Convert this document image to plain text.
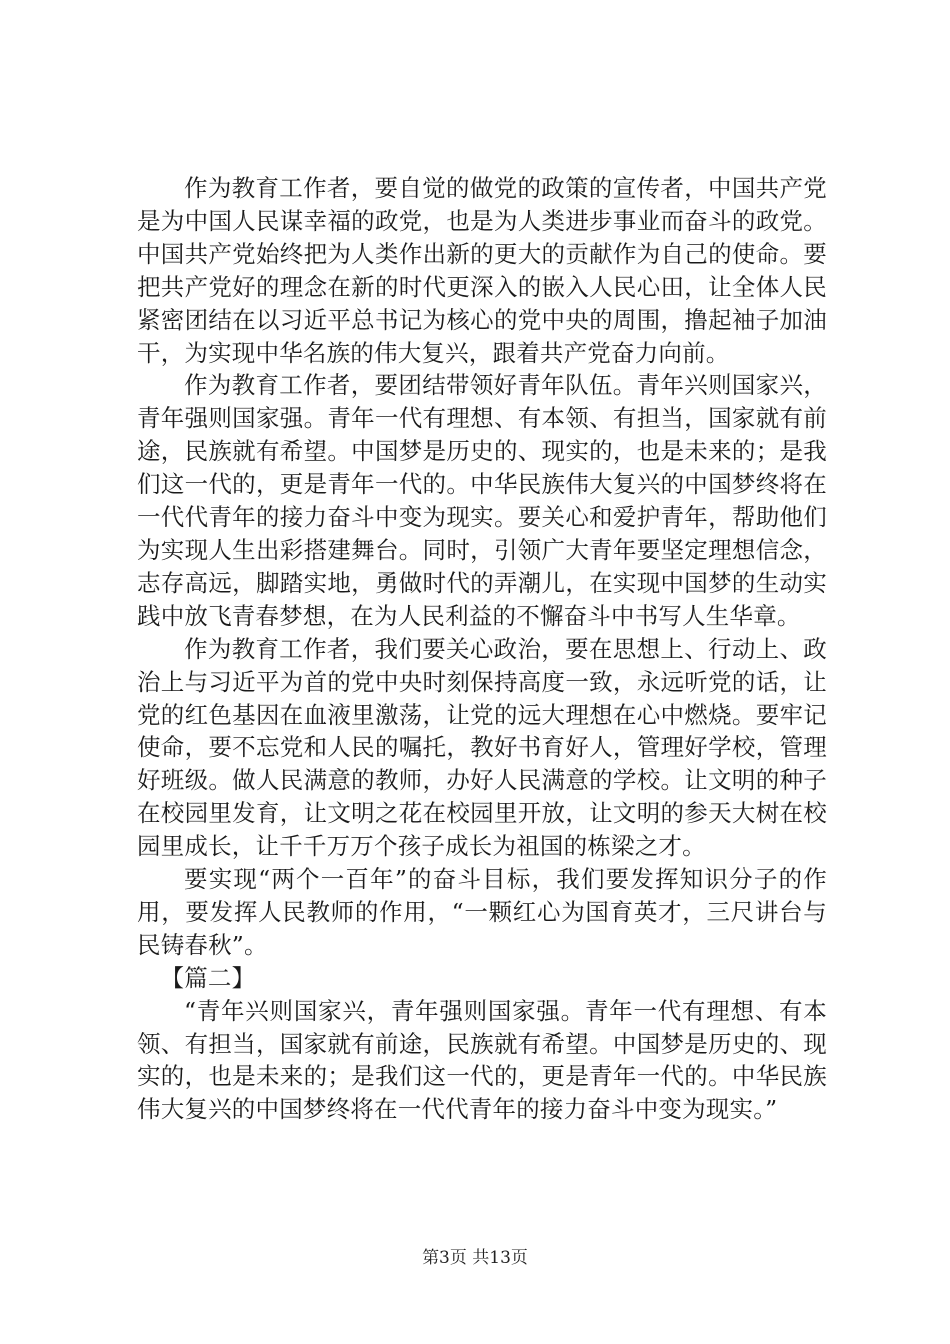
作为教育工作者，要自觉的做党的政策的宣传者，中国共产党是为中国人民谋幸福的政党，也是为人类进步事业而奋斗的政党。中国共产党始终把为人类作出新的更大的贡献作为自己的使命。要把共产党好的理念在新的时代更深入的嵌入人民心田，让全体人民紧密团结在以习近平总书记为核心的党中央的周围，撸起袖子加油干，为实现中华名族的伟大复兴，跟着共产党奋力向前。

作为教育工作者，要团结带领好青年队伍。青年兴则国家兴，青年强则国家强。青年一代有理想、有本领、有担当，国家就有前途，民族就有希望。中国梦是历史的、现实的，也是未来的；是我们这一代的，更是青年一代的。中华民族伟大复兴的中国梦终将在一代代青年的接力奋斗中变为现实。要关心和爱护青年，帮助他们为实现人生出彩搭建舞台。同时，引领广大青年要坚定理想信念，志存高远，脚踏实地，勇做时代的弄潮儿，在实现中国梦的生动实践中放飞青春梦想，在为人民利益的不懈奋斗中书写人生华章。

作为教育工作者，我们要关心政治，要在思想上、行动上、政治上与习近平为首的党中央时刻保持高度一致，永远听党的话，让党的红色基因在血液里激荡，让党的远大理想在心中燃烧。要牢记使命，要不忘党和人民的嘱托，教好书育好人，管理好学校，管理好班级。做人民满意的教师，办好人民满意的学校。让文明的种子在校园里发育，让文明之花在校园里开放，让文明的参天大树在校园里成长，让千千万万个孩子成长为祖国的栋梁之才。

要实现“两个一百年”的奋斗目标，我们要发挥知识分子的作用，要发挥人民教师的作用，“一颗红心为国育英才，三尺讲台与民铸春秋”。

【篇二】

“青年兴则国家兴，青年强则国家强。青年一代有理想、有本领、有担当，国家就有前途，民族就有希望。中国梦是历史的、现实的，也是未来的；是我们这一代的，更是青年一代的。中华民族伟大复兴的中国梦终将在一代代青年的接力奋斗中变为现实。”

第3页 共13页
